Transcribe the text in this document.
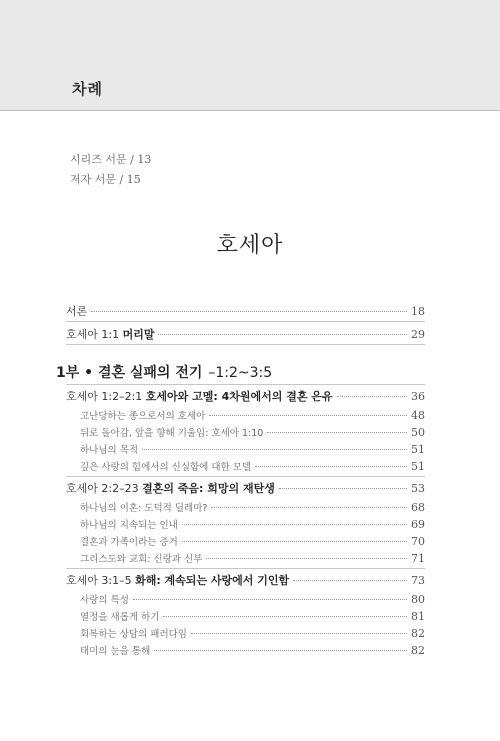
차례
시리즈 서문 / 13
저자 서문 / 15
호세아
서론	18
호세아 1:1 머리말	29
1부 • 결혼 실패의 전기 –1:2~3:5
호세아 1:2–2:1 호세아와 고멜: 4차원에서의 결혼 은유	36
고난당하는 종으로서의 호세아	48
뒤로 돌아감, 앞을 향해 기울임: 호세아 1:10	50
하나님의 목적	51
깊은 사랑의 힘에서의 신실함에 대한 모델	51
호세아 2:2–23 결혼의 죽음: 희망의 재탄생	53
하나님의 이혼: 도덕적 딜레마?	68
하나님의 지속되는 인내	69
결혼과 가족이라는 증거	70
그리스도와 교회: 신랑과 신부	71
호세아 3:1–5 화해: 계속되는 사랑에서 기인함	73
사랑의 특성	80
열정을 새롭게 하기	81
회복하는 상담의 패러다임	82
태미의 눈을 통해	82
